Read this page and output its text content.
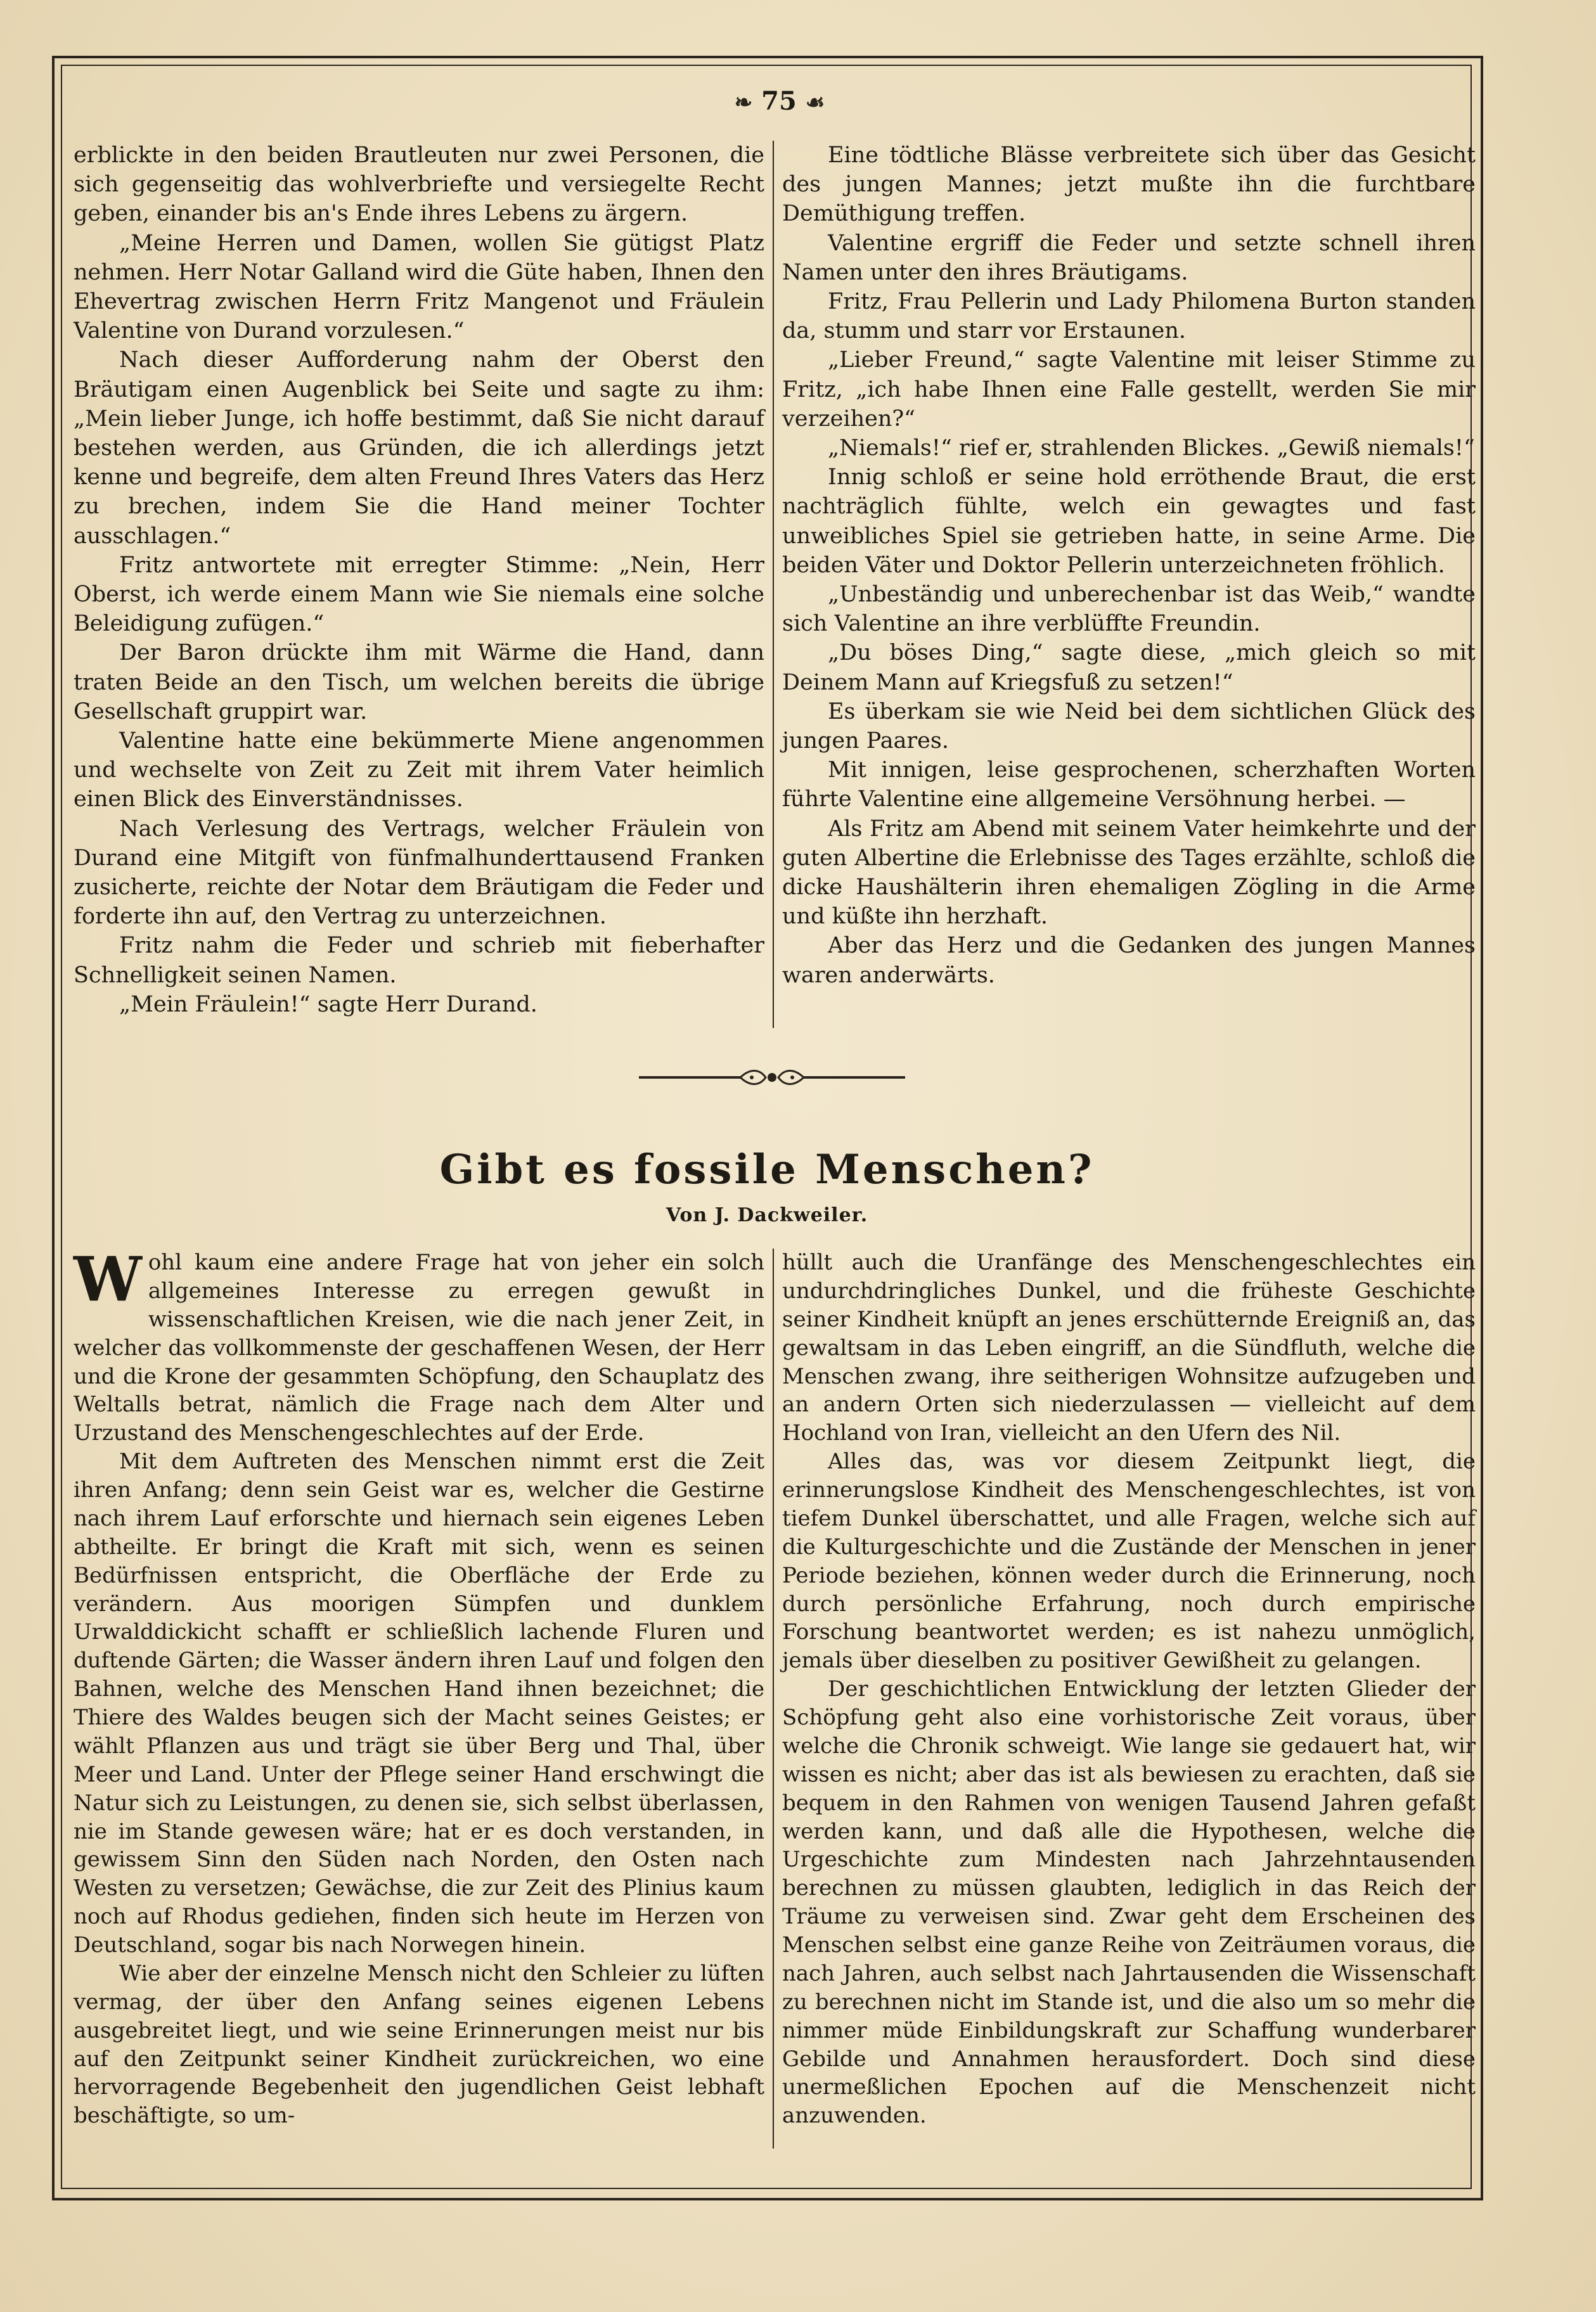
❧ 75 ☙

erblickte in den beiden Brautleuten nur zwei Personen, die sich gegenseitig das wohlverbriefte und versiegelte Recht geben, einander bis an's Ende ihres Lebens zu ärgern.

„Meine Herren und Damen, wollen Sie gütigst Platz nehmen. Herr Notar Galland wird die Güte haben, Ihnen den Ehevertrag zwischen Herrn Fritz Mangenot und Fräulein Valentine von Durand vorzulesen.“

Nach dieser Aufforderung nahm der Oberst den Bräutigam einen Augenblick bei Seite und sagte zu ihm: „Mein lieber Junge, ich hoffe bestimmt, daß Sie nicht darauf bestehen werden, aus Gründen, die ich allerdings jetzt kenne und begreife, dem alten Freund Ihres Vaters das Herz zu brechen, indem Sie die Hand meiner Tochter ausschlagen.“

Fritz antwortete mit erregter Stimme: „Nein, Herr Oberst, ich werde einem Mann wie Sie niemals eine solche Beleidigung zufügen.“

Der Baron drückte ihm mit Wärme die Hand, dann traten Beide an den Tisch, um welchen bereits die übrige Gesellschaft gruppirt war.

Valentine hatte eine bekümmerte Miene angenommen und wechselte von Zeit zu Zeit mit ihrem Vater heimlich einen Blick des Einverständnisses.

Nach Verlesung des Vertrags, welcher Fräulein von Durand eine Mitgift von fünfmalhunderttausend Franken zusicherte, reichte der Notar dem Bräutigam die Feder und forderte ihn auf, den Vertrag zu unterzeichnen.

Fritz nahm die Feder und schrieb mit fieberhafter Schnelligkeit seinen Namen.

„Mein Fräulein!“ sagte Herr Durand.

Eine tödtliche Blässe verbreitete sich über das Gesicht des jungen Mannes; jetzt mußte ihn die furchtbare Demüthigung treffen.

Valentine ergriff die Feder und setzte schnell ihren Namen unter den ihres Bräutigams.

Fritz, Frau Pellerin und Lady Philomena Burton standen da, stumm und starr vor Erstaunen.

„Lieber Freund,“ sagte Valentine mit leiser Stimme zu Fritz, „ich habe Ihnen eine Falle gestellt, werden Sie mir verzeihen?“

„Niemals!“ rief er, strahlenden Blickes. „Gewiß niemals!“

Innig schloß er seine hold erröthende Braut, die erst nachträglich fühlte, welch ein gewagtes und fast unweibliches Spiel sie getrieben hatte, in seine Arme. Die beiden Väter und Doktor Pellerin unterzeichneten fröhlich.

„Unbeständig und unberechenbar ist das Weib,“ wandte sich Valentine an ihre verblüffte Freundin.

„Du böses Ding,“ sagte diese, „mich gleich so mit Deinem Mann auf Kriegsfuß zu setzen!“

Es überkam sie wie Neid bei dem sichtlichen Glück des jungen Paares.

Mit innigen, leise gesprochenen, scherzhaften Worten führte Valentine eine allgemeine Versöhnung herbei. —

Als Fritz am Abend mit seinem Vater heimkehrte und der guten Albertine die Erlebnisse des Tages erzählte, schloß die dicke Haushälterin ihren ehemaligen Zögling in die Arme und küßte ihn herzhaft.

Aber das Herz und die Gedanken des jungen Mannes waren anderwärts.

Gibt es fossile Menschen?
Von J. Dackweiler.

Wohl kaum eine andere Frage hat von jeher ein solch allgemeines Interesse zu erregen gewußt in wissenschaftlichen Kreisen, wie die nach jener Zeit, in welcher das vollkommenste der geschaffenen Wesen, der Herr und die Krone der gesammten Schöpfung, den Schauplatz des Weltalls betrat, nämlich die Frage nach dem Alter und Urzustand des Menschengeschlechtes auf der Erde.

Mit dem Auftreten des Menschen nimmt erst die Zeit ihren Anfang; denn sein Geist war es, welcher die Gestirne nach ihrem Lauf erforschte und hiernach sein eigenes Leben abtheilte. Er bringt die Kraft mit sich, wenn es seinen Bedürfnissen entspricht, die Oberfläche der Erde zu verändern. Aus moorigen Sümpfen und dunklem Urwalddickicht schafft er schließlich lachende Fluren und duftende Gärten; die Wasser ändern ihren Lauf und folgen den Bahnen, welche des Menschen Hand ihnen bezeichnet; die Thiere des Waldes beugen sich der Macht seines Geistes; er wählt Pflanzen aus und trägt sie über Berg und Thal, über Meer und Land. Unter der Pflege seiner Hand erschwingt die Natur sich zu Leistungen, zu denen sie, sich selbst überlassen, nie im Stande gewesen wäre; hat er es doch verstanden, in gewissem Sinn den Süden nach Norden, den Osten nach Westen zu versetzen; Gewächse, die zur Zeit des Plinius kaum noch auf Rhodus gediehen, finden sich heute im Herzen von Deutschland, sogar bis nach Norwegen hinein.

Wie aber der einzelne Mensch nicht den Schleier zu lüften vermag, der über den Anfang seines eigenen Lebens ausgebreitet liegt, und wie seine Erinnerungen meist nur bis auf den Zeitpunkt seiner Kindheit zurückreichen, wo eine hervorragende Begebenheit den jugendlichen Geist lebhaft beschäftigte, so um-

hüllt auch die Uranfänge des Menschengeschlechtes ein undurchdringliches Dunkel, und die früheste Geschichte seiner Kindheit knüpft an jenes erschütternde Ereigniß an, das gewaltsam in das Leben eingriff, an die Sündfluth, welche die Menschen zwang, ihre seitherigen Wohnsitze aufzugeben und an andern Orten sich niederzulassen — vielleicht auf dem Hochland von Iran, vielleicht an den Ufern des Nil.

Alles das, was vor diesem Zeitpunkt liegt, die erinnerungslose Kindheit des Menschengeschlechtes, ist von tiefem Dunkel überschattet, und alle Fragen, welche sich auf die Kulturgeschichte und die Zustände der Menschen in jener Periode beziehen, können weder durch die Erinnerung, noch durch persönliche Erfahrung, noch durch empirische Forschung beantwortet werden; es ist nahezu unmöglich, jemals über dieselben zu positiver Gewißheit zu gelangen.

Der geschichtlichen Entwicklung der letzten Glieder der Schöpfung geht also eine vorhistorische Zeit voraus, über welche die Chronik schweigt. Wie lange sie gedauert hat, wir wissen es nicht; aber das ist als bewiesen zu erachten, daß sie bequem in den Rahmen von wenigen Tausend Jahren gefaßt werden kann, und daß alle die Hypothesen, welche die Urgeschichte zum Mindesten nach Jahrzehntausenden berechnen zu müssen glaubten, lediglich in das Reich der Träume zu verweisen sind. Zwar geht dem Erscheinen des Menschen selbst eine ganze Reihe von Zeiträumen voraus, die nach Jahren, auch selbst nach Jahrtausenden die Wissenschaft zu berechnen nicht im Stande ist, und die also um so mehr die nimmer müde Einbildungskraft zur Schaffung wunderbarer Gebilde und Annahmen herausfordert. Doch sind diese unermeßlichen Epochen auf die Menschenzeit nicht anzuwenden.
